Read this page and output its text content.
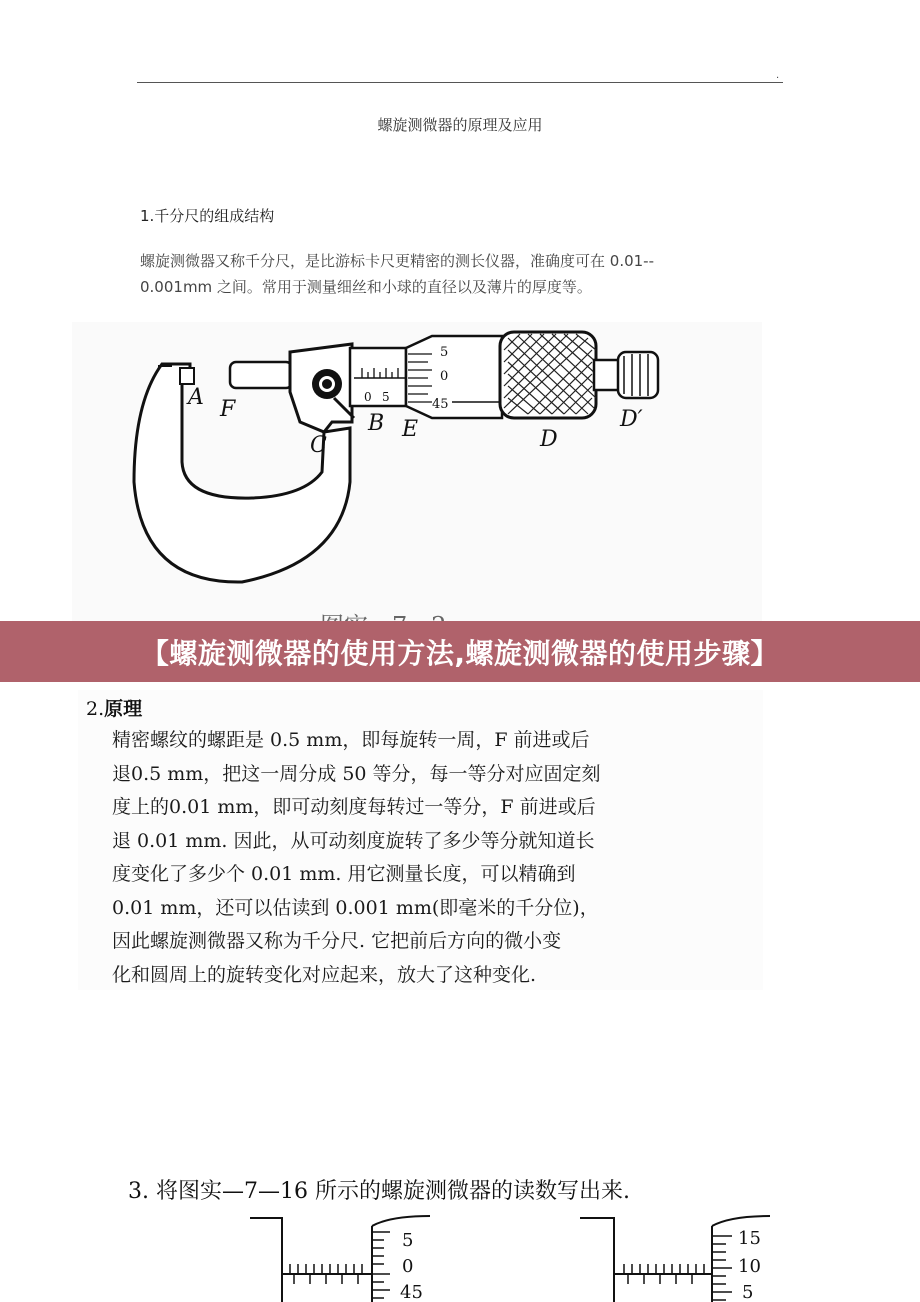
.
螺旋测微器的原理及应用
1.千分尺的组成结构
螺旋测微器又称千分尺，是比游标卡尺更精密的测长仪器，准确度可在 0.01--
0.001mm 之间。常用于测量细丝和小球的直径以及薄片的厚度等。
0 5
5
0
45
A F
C
B E	D
D′
【螺旋测微器的使用方法,螺旋测微器的使用步骤】
2.原理
精密螺纹的螺距是 0.5 mm，即每旋转一周，F 前进或后
退0.5 mm，把这一周分成 50 等分，每一等分对应固定刻
度上的0.01 mm，即可动刻度每转过一等分，F 前进或后
退 0.01 mm. 因此，从可动刻度旋转了多少等分就知道长
度变化了多少个 0.01 mm. 用它测量长度，可以精确到
0.01 mm，还可以估读到 0.001 mm(即毫米的千分位)，
因此螺旋测微器又称为千分尺. 它把前后方向的微小变
化和圆周上的旋转变化对应起来，放大了这种变化.
3. 将图实—7—16 所示的螺旋测微器的读数写出来.
5
0
45
15
10
5
